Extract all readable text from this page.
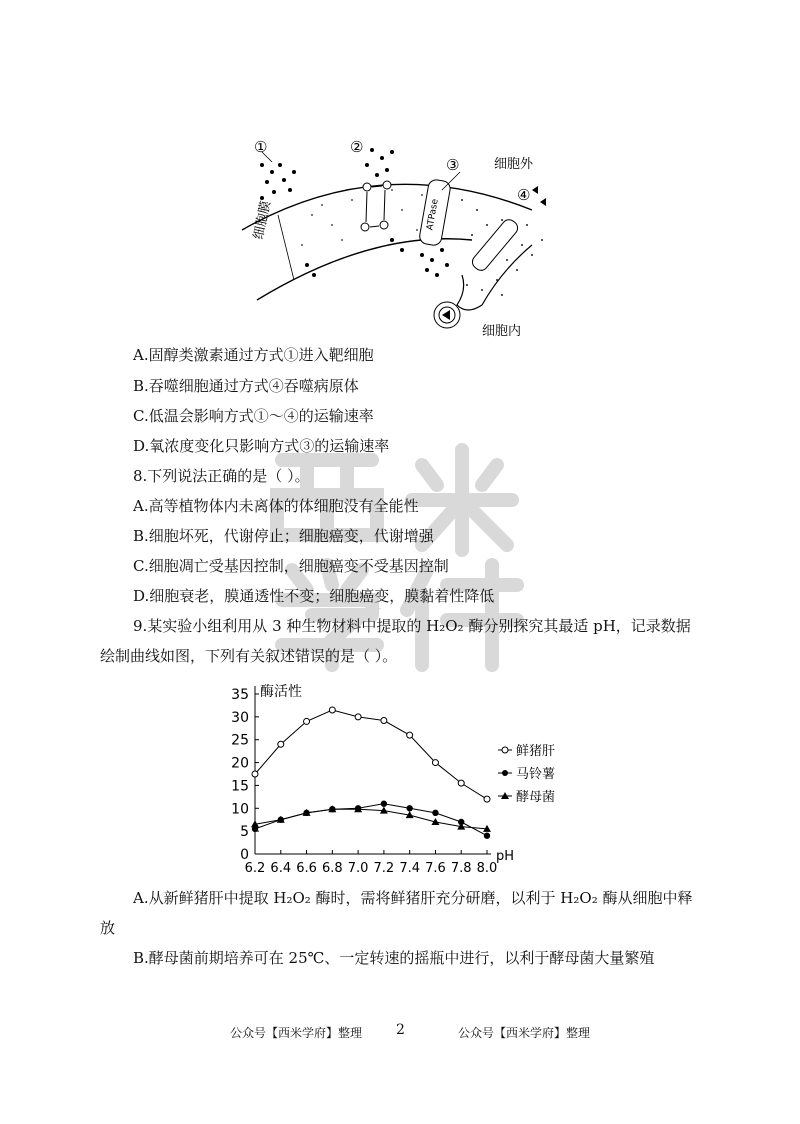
ATPase
①	②
③
④
细胞外
细胞内
细胞膜
A.固醇类激素通过方式①进入靶细胞
B.吞噬细胞通过方式④吞噬病原体
C.低温会影响方式①～④的运输速率
D.氧浓度变化只影响方式③的运输速率
8.下列说法正确的是（ ）。
A.高等植物体内未离体的体细胞没有全能性
B.细胞坏死，代谢停止；细胞癌变，代谢增强
C.细胞凋亡受基因控制，细胞癌变不受基因控制
D.细胞衰老，膜通透性不变；细胞癌变，膜黏着性降低
9.某实验小组利用从 3 种生物材料中提取的 H₂O₂ 酶分别探究其最适 pH，记录数据
绘制曲线如图，下列有关叙述错误的是（ ）。
0
5
10
15
20
25
30
35
6.2 6.4 6.6 6.8 7.0 7.2 7.4 7.6 7.8 8.0
酶活性
pH
鲜猪肝
马铃薯
酵母菌
A.从新鲜猪肝中提取 H₂O₂ 酶时，需将鲜猪肝充分研磨，以利于 H₂O₂ 酶从细胞中释
放
B.酵母菌前期培养可在 25℃、一定转速的摇瓶中进行，以利于酵母菌大量繁殖
公众号【西米学府】整理 2	公众号【西米学府】整理
